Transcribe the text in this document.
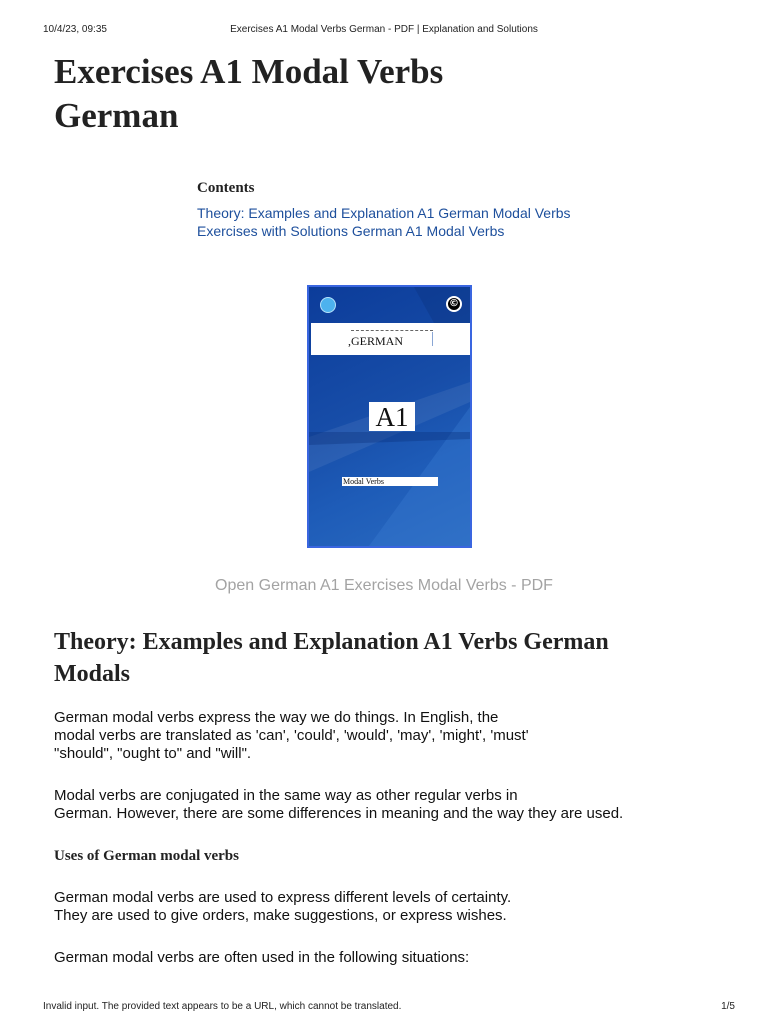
10/4/23, 09:35	Exercises A1 Modal Verbs German - PDF | Explanation and Solutions
Exercises A1 Modal Verbs German
Contents
Theory: Examples and Explanation A1 German Modal Verbs
Exercises with Solutions German A1 Modal Verbs
©
,GERMAN
A1
Modal Verbs
Open German A1 Exercises Modal Verbs - PDF
Theory: Examples and Explanation A1 Verbs German Modals

German modal verbs express the way we do things. In English, the
modal verbs are translated as 'can', 'could', 'would', 'may', 'might', 'must'
"should", "ought to" and "will".

Modal verbs are conjugated in the same way as other regular verbs in
German. However, there are some differences in meaning and the way they are used.

Uses of German modal verbs

German modal verbs are used to express different levels of certainty.
They are used to give orders, make suggestions, or express wishes.

German modal verbs are often used in the following situations:

Invalid input. The provided text appears to be a URL, which cannot be translated.	1/5
